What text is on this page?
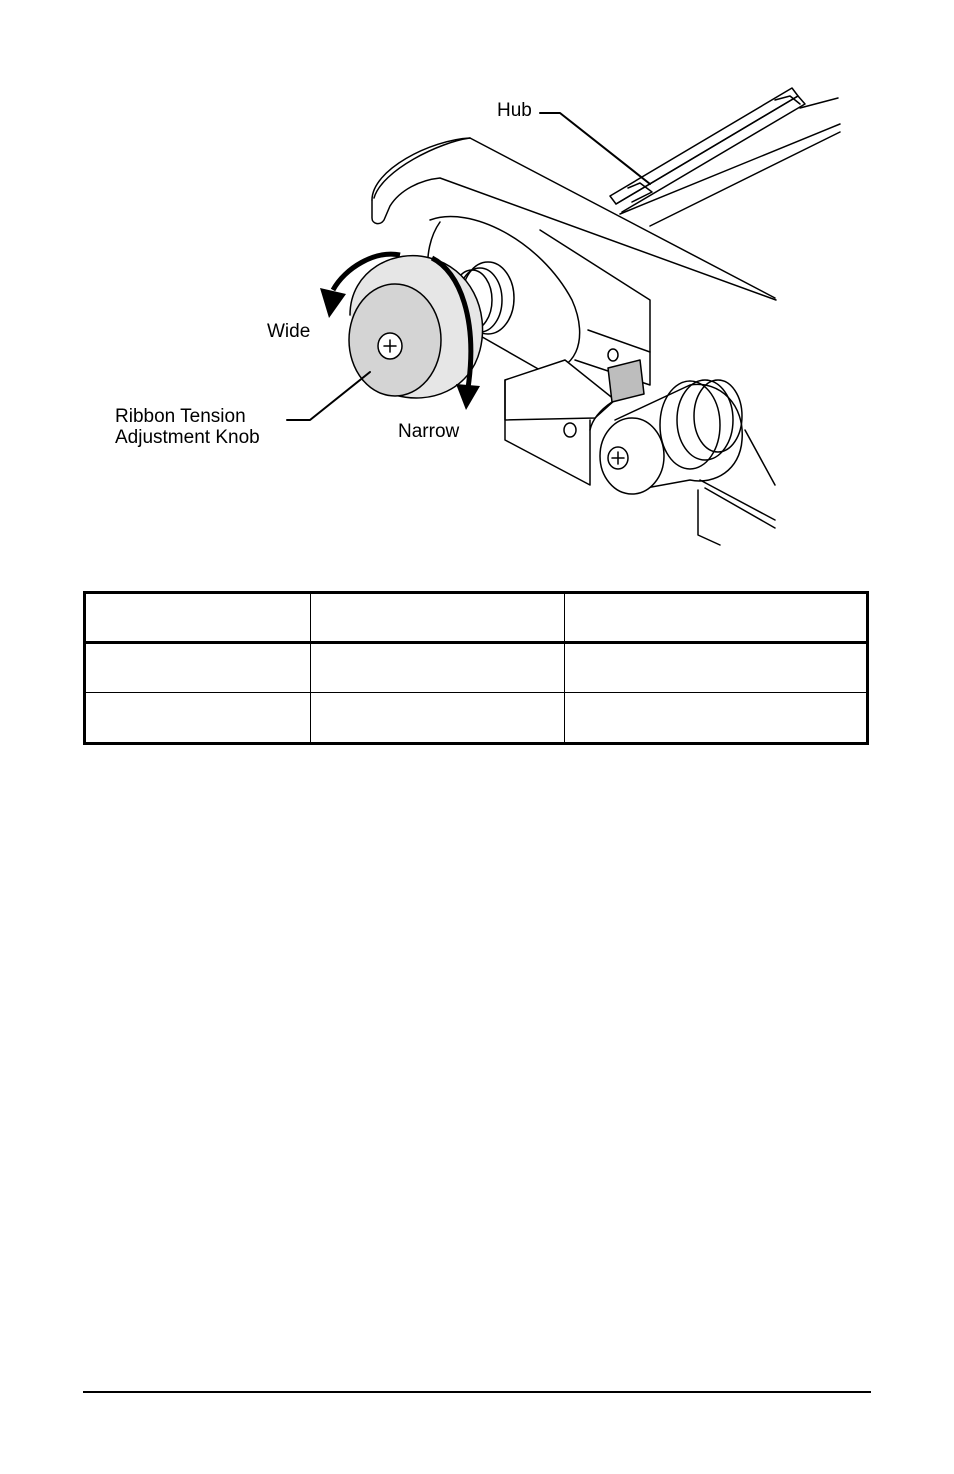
Hub
Wide
Ribbon Tension
Adjustment Knob	Narrow
